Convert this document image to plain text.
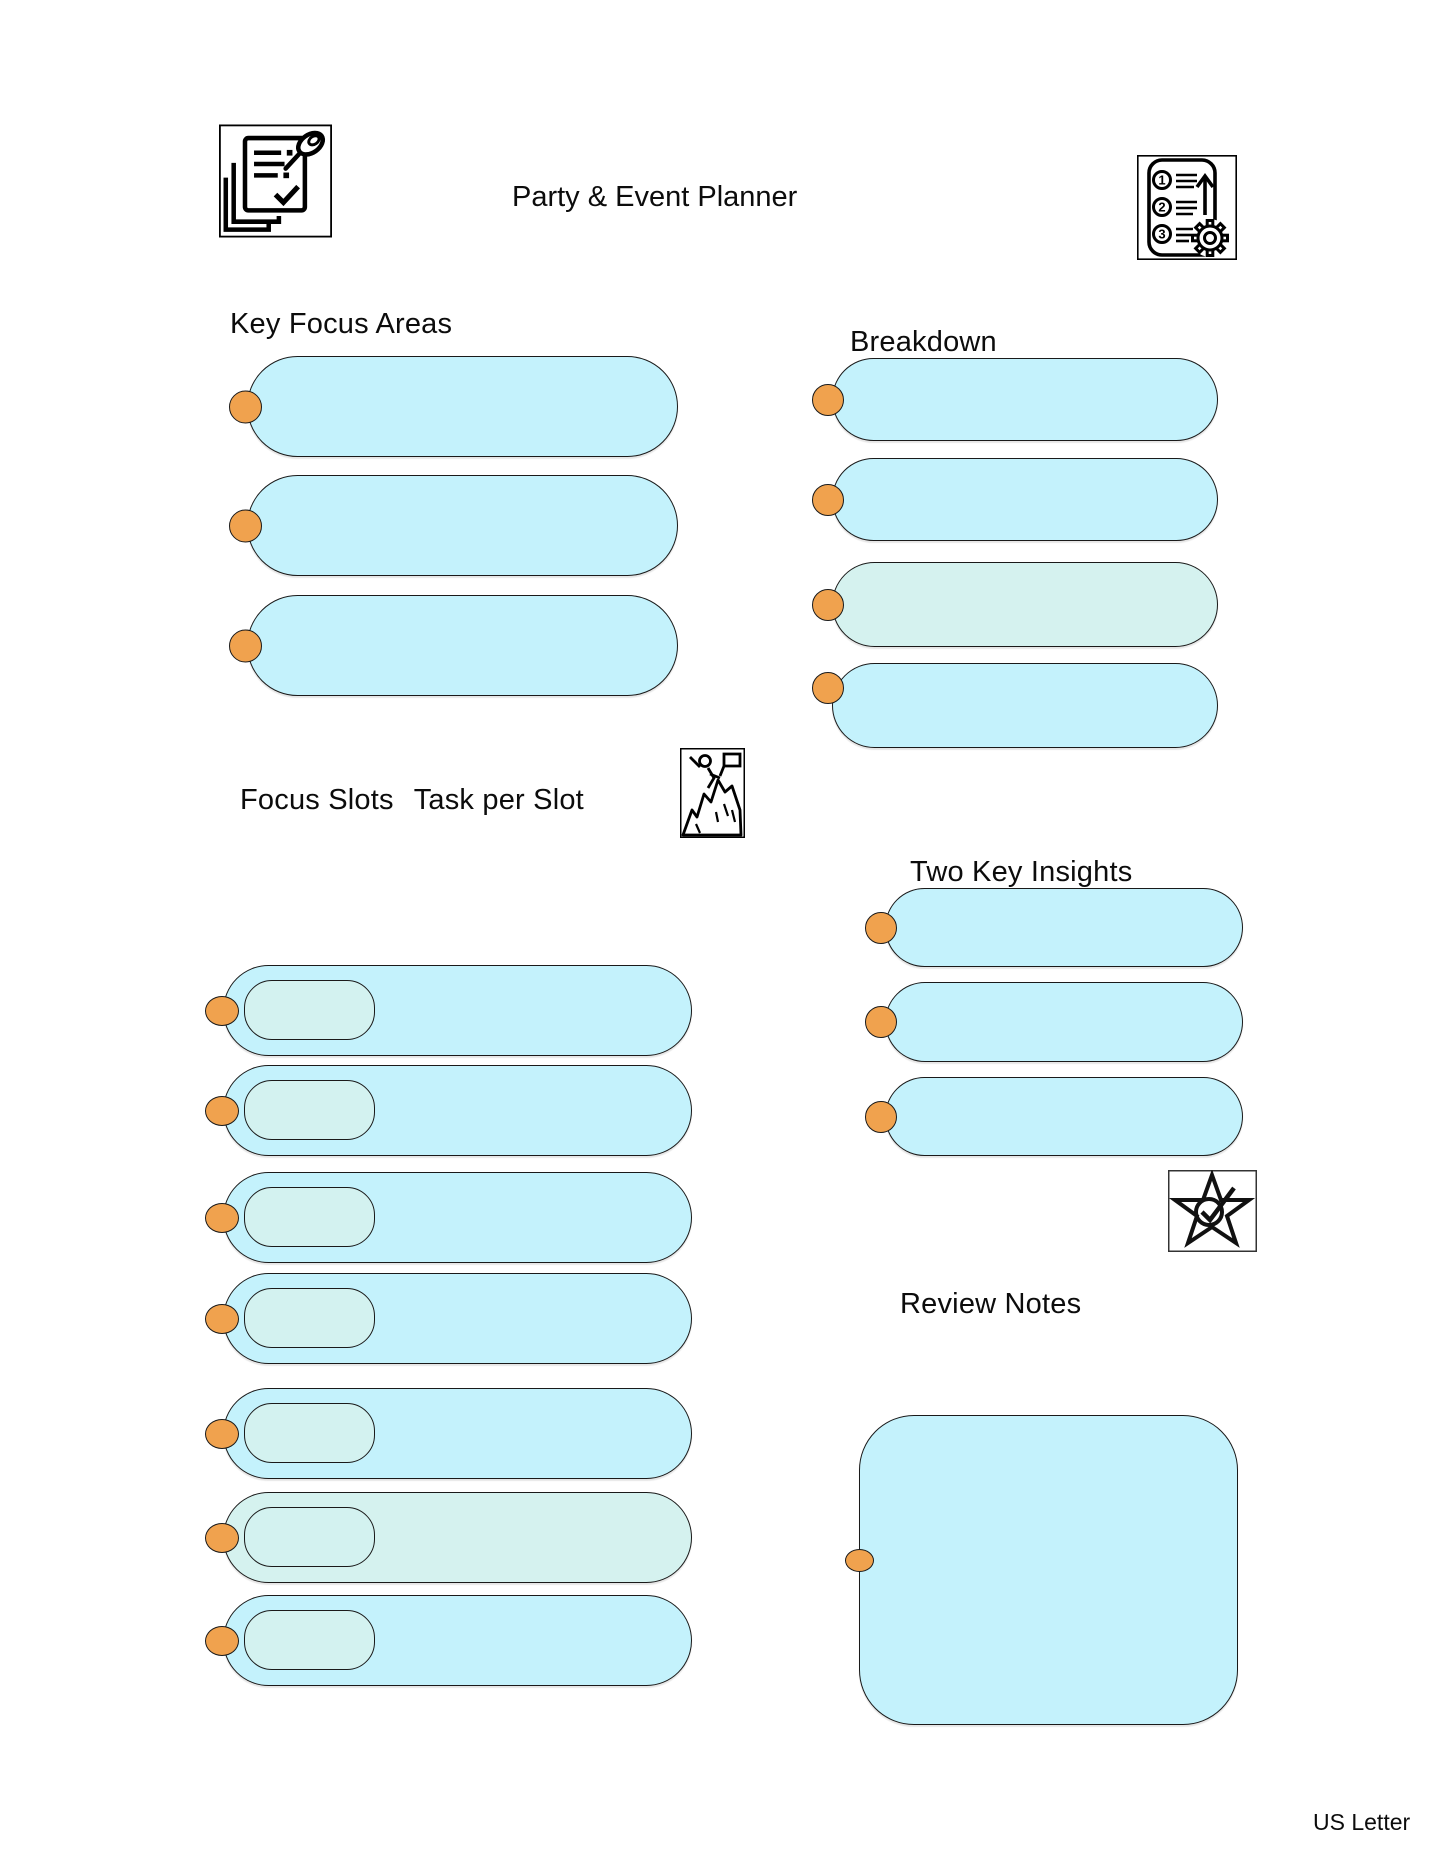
Party & Event Planner
1
2
3
Key Focus Areas
Breakdown
Focus Slots Task per Slot
Two Key Insights
Review Notes
US Letter
